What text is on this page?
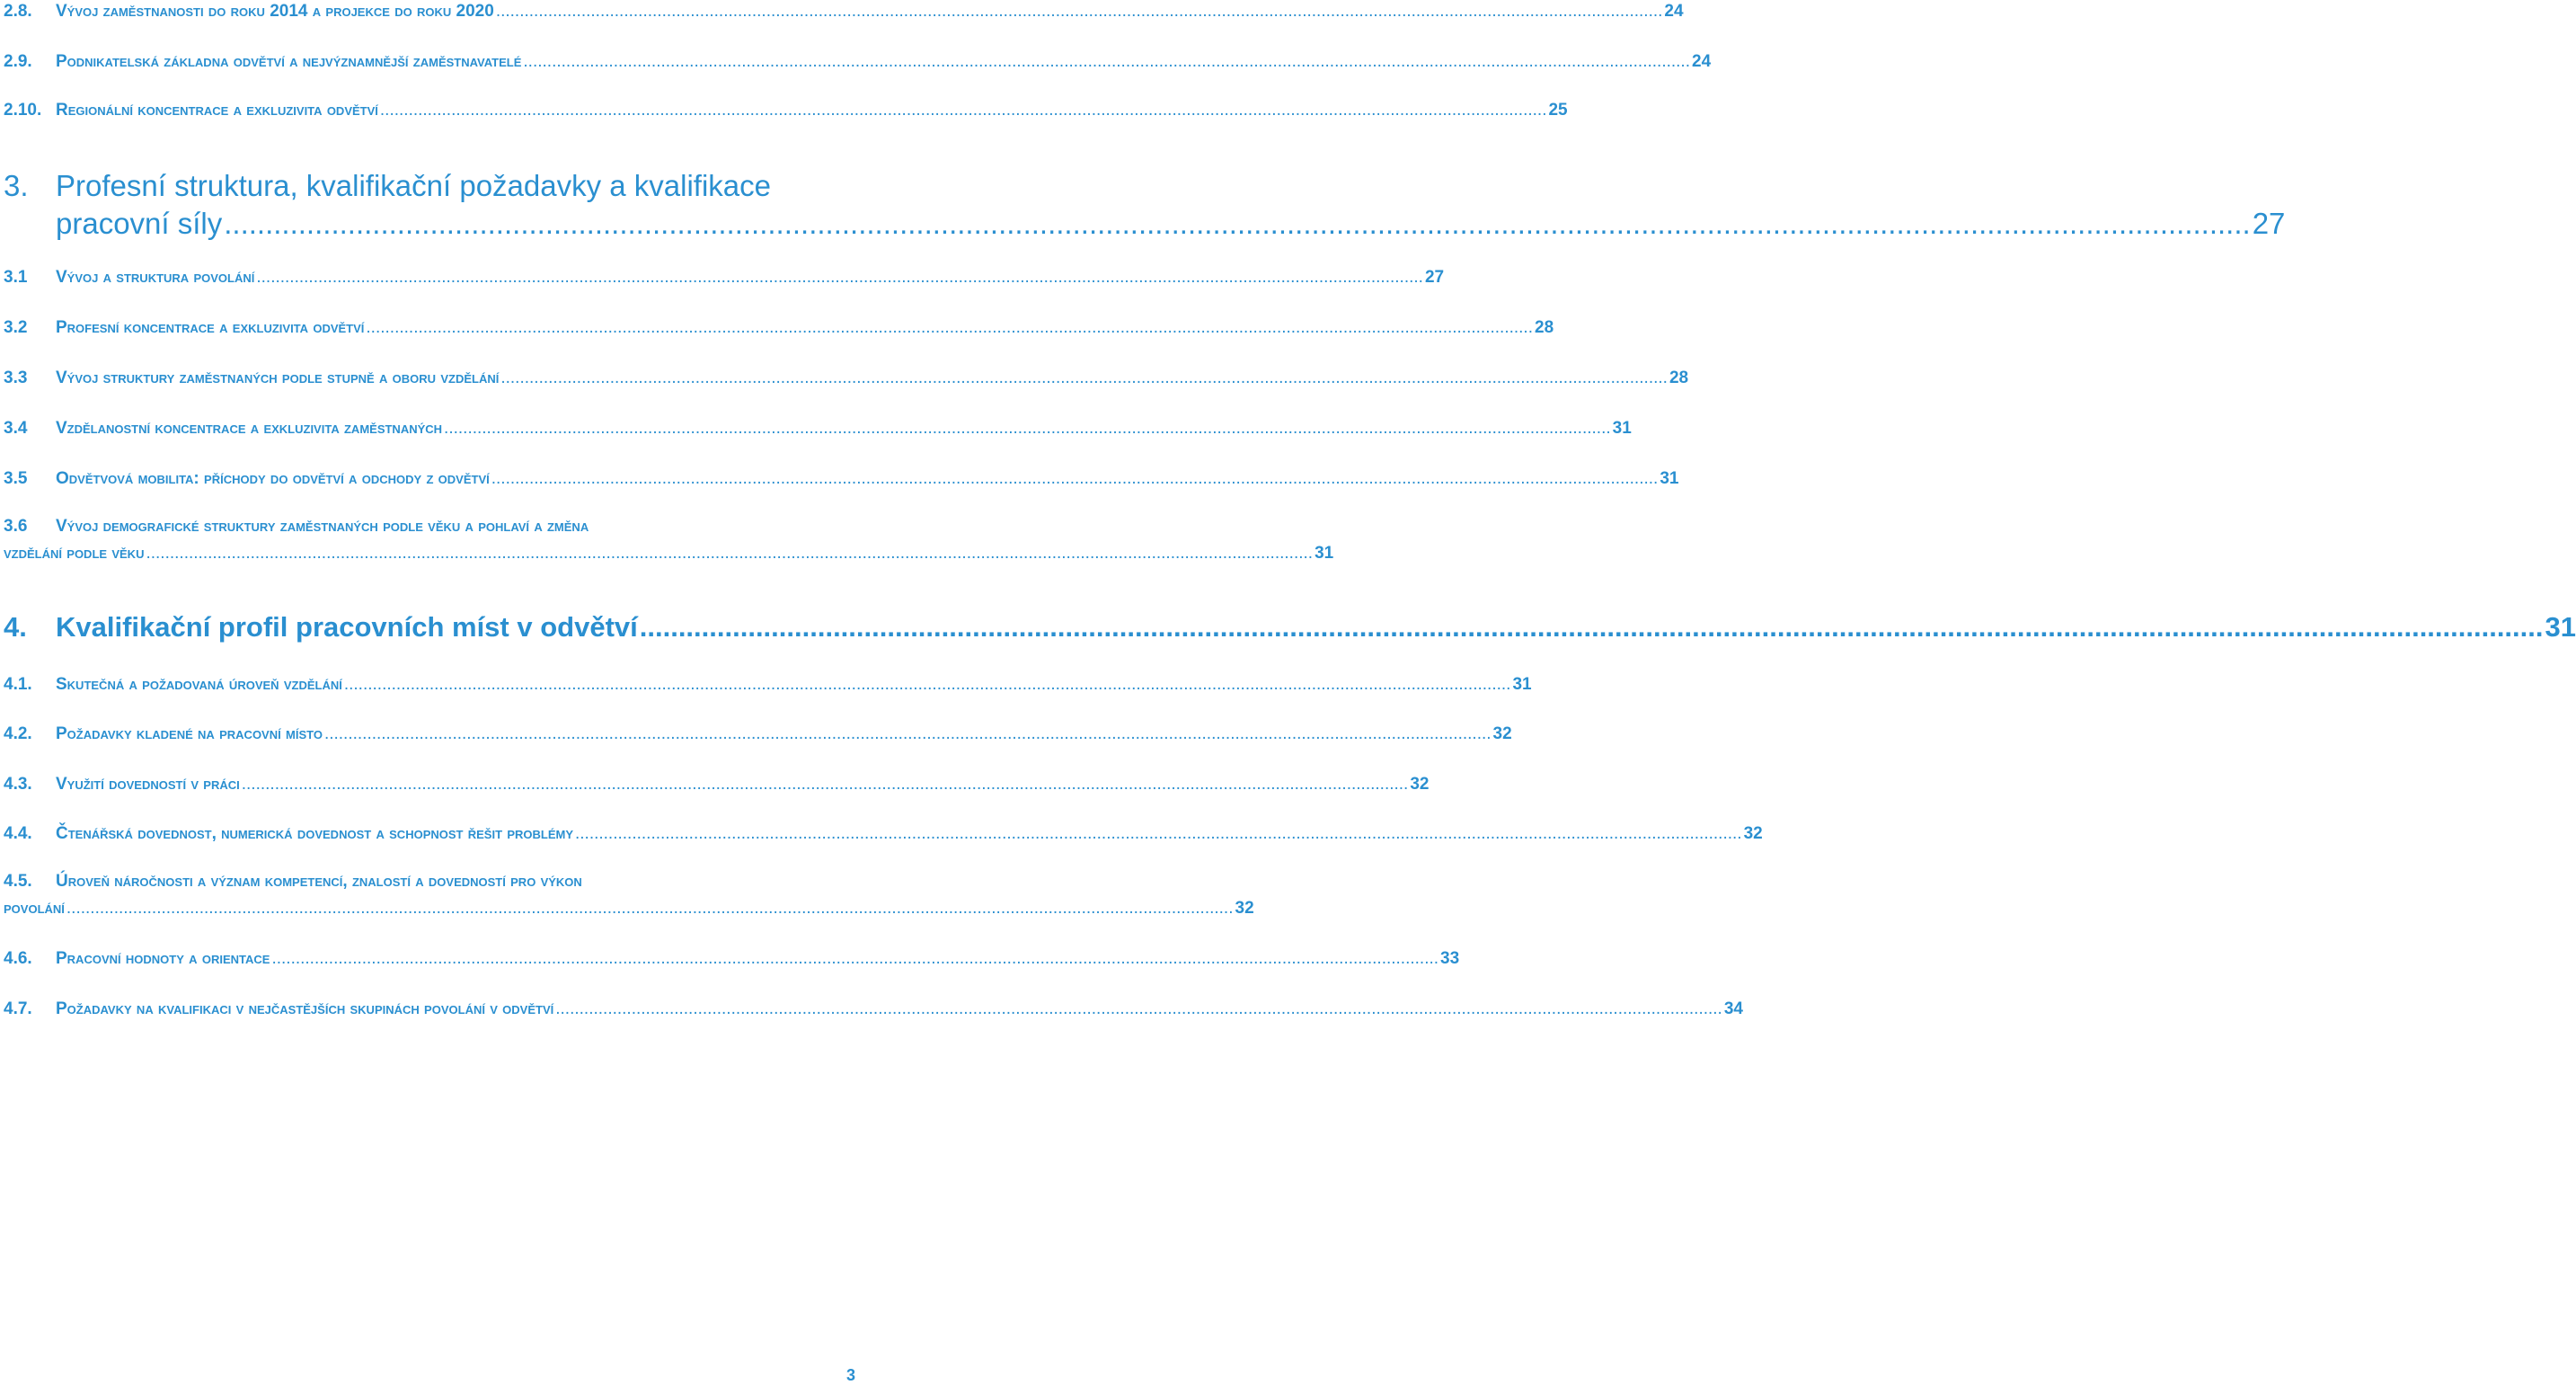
2.8.	Vývoj zaměstnanosti do roku 2014 a projekce do roku 2020 .....	24
2.9.	Podnikatelská základna odvětví a nejvýznamnější zaměstnavatelé .....	24
2.10. Regionální koncentrace a exkluzivita odvětví .....	25
3. Profesní struktura, kvalifikační požadavky a kvalifikace
pracovní síly .....	27
3.1	Vývoj a struktura povolání .....	27
3.2	Profesní koncentrace a exkluzivita odvětví .....	28
3.3	Vývoj struktury zaměstnaných podle stupně a oboru vzdělání .....	28
3.4	Vzdělanostní koncentrace a exkluzivita zaměstnaných .....	31
3.5	Odvětvová mobilita: příchody do odvětví a odchody z odvětví .....	31
3.6 Vývoj demografické struktury zaměstnaných podle věku a pohlaví a změna
vzdělání podle věku .....	31
4.	Kvalifikační profil pracovních míst v odvětví .....	31
4.1.	Skutečná a požadovaná úroveň vzdělání .....	31
4.2.	Požadavky kladené na pracovní místo .....	32
4.3.	Využití dovedností v práci .....	32
4.4.	Čtenářská dovednost, numerická dovednost a schopnost řešit problémy .....	32
4.5. Úroveň náročnosti a význam kompetencí, znalostí a dovedností pro výkon
povolání .....	32
4.6.	Pracovní hodnoty a orientace .....	33
4.7.	Požadavky na kvalifikaci v nejčastějších skupinách povolání v odvětví .....	34
3
